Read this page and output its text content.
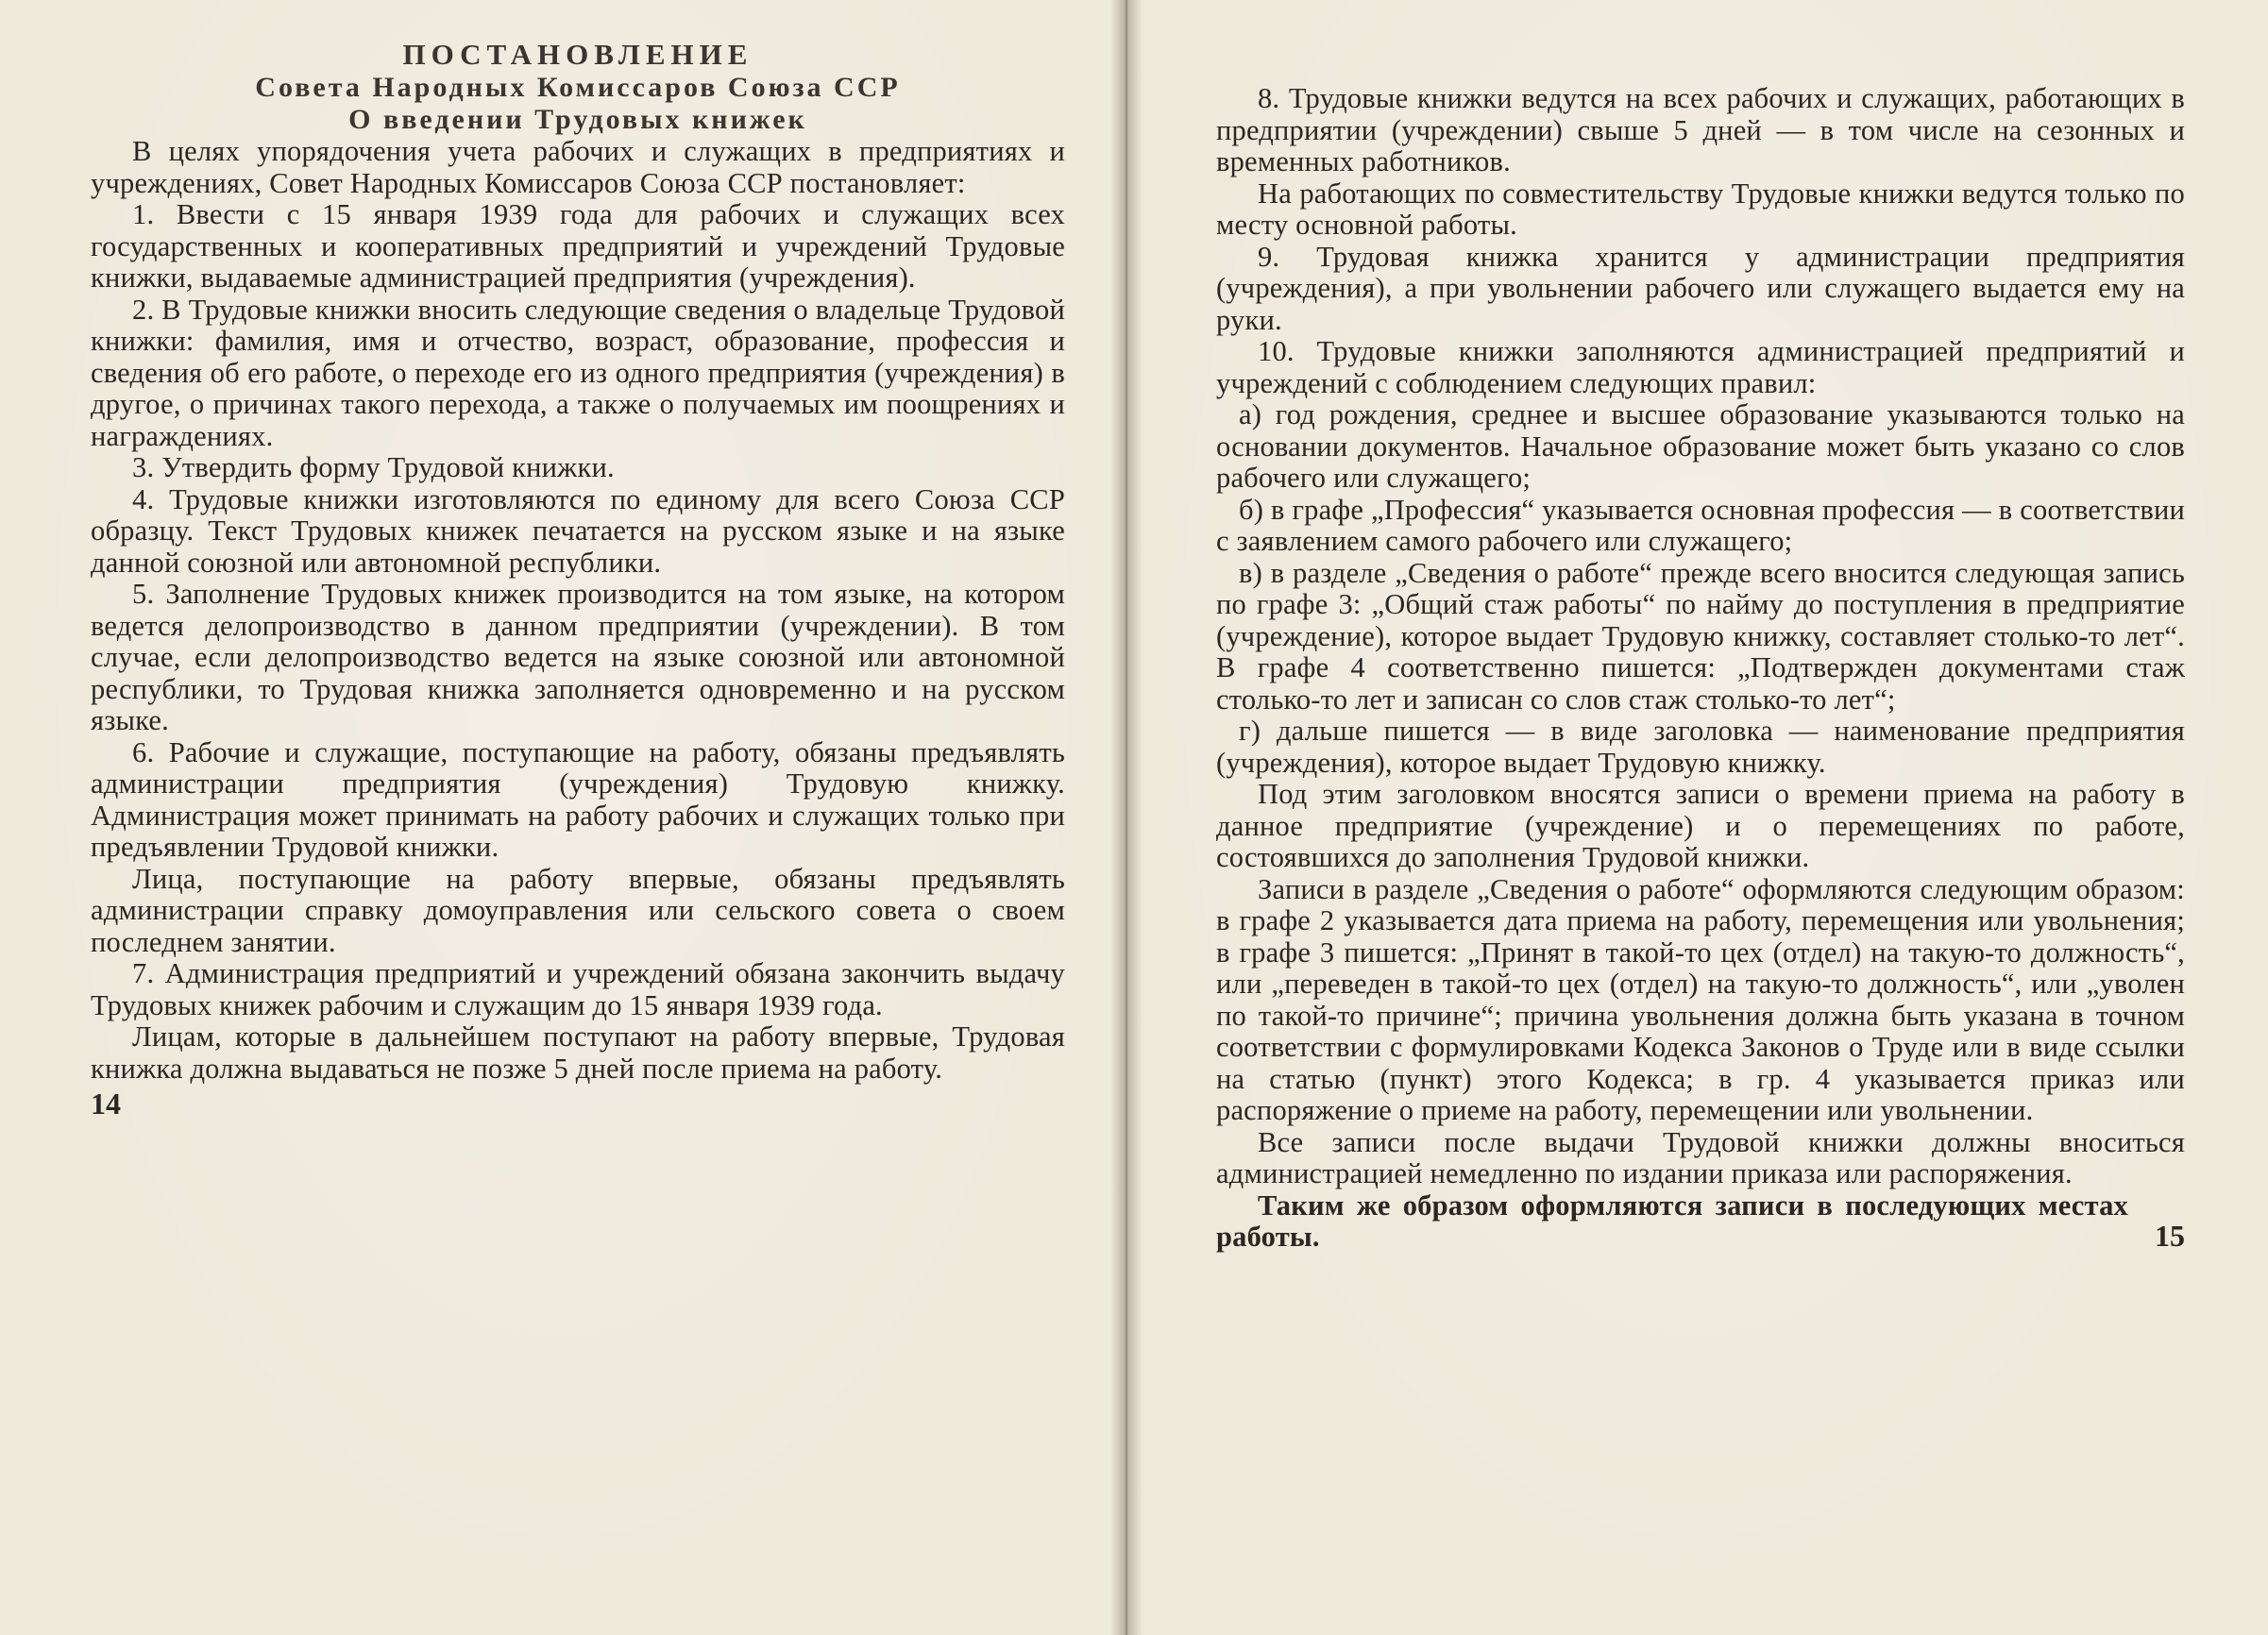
ПОСТАНОВЛЕНИЕ
Совета Народных Комиссаров Союза ССР
О введении Трудовых книжек

В целях упорядочения учета рабочих и служащих в предприятиях и учреждениях, Совет Народных Комиссаров Союза ССР постановляет:

1. Ввести с 15 января 1939 года для рабочих и служащих всех государственных и кооперативных предприятий и учреждений Трудовые книжки, выдаваемые администрацией предприятия (учреждения).

2. В Трудовые книжки вносить следующие сведения о владельце Трудовой книжки: фамилия, имя и отчество, возраст, образование, профессия и сведения об его работе, о переходе его из одного предприятия (учреждения) в другое, о причинах такого перехода, а также о получаемых им поощрениях и награждениях.

3. Утвердить форму Трудовой книжки.

4. Трудовые книжки изготовляются по единому для всего Союза ССР образцу. Текст Трудовых книжек печатается на русском языке и на языке данной союзной или автономной республики.

5. Заполнение Трудовых книжек производится на том языке, на котором ведется делопроизводство в данном предприятии (учреждении). В том случае, если делопроизводство ведется на языке союзной или автономной республики, то Трудовая книжка заполняется одновременно и на русском языке.

6. Рабочие и служащие, поступающие на работу, обязаны предъявлять администрации предприятия (учреждения) Трудовую книжку. Администрация может принимать на работу рабочих и служащих только при предъявлении Трудовой книжки.

Лица, поступающие на работу впервые, обязаны предъявлять администрации справку домоуправления или сельского совета о своем последнем занятии.

7. Администрация предприятий и учреждений обязана закончить выдачу Трудовых книжек рабочим и служащим до 15 января 1939 года.

Лицам, которые в дальнейшем поступают на работу впервые, Трудовая книжка должна выдаваться не позже 5 дней после приема на работу.

14

8. Трудовые книжки ведутся на всех рабочих и служащих, работающих в предприятии (учреждении) свыше 5 дней — в том числе на сезонных и временных работников.

На работающих по совместительству Трудовые книжки ведутся только по месту основной работы.

9. Трудовая книжка хранится у администрации предприятия (учреждения), а при увольнении рабочего или служащего выдается ему на руки.

10. Трудовые книжки заполняются администрацией предприятий и учреждений с соблюдением следующих правил:

а) год рождения, среднее и высшее образование указываются только на основании документов. Начальное образование может быть указано со слов рабочего или служащего;

б) в графе „Профессия“ указывается основная профессия — в соответствии с заявлением самого рабочего или служащего;

в) в разделе „Сведения о работе“ прежде всего вносится следующая запись по графе 3: „Общий стаж работы“ по найму до поступления в предприятие (учреждение), которое выдает Трудовую книжку, составляет столько-то лет“. В графе 4 соответственно пишется: „Подтвержден документами стаж столько-то лет и записан со слов стаж столько-то лет“;

г) дальше пишется — в виде заголовка — наименование предприятия (учреждения), которое выдает Трудовую книжку.

Под этим заголовком вносятся записи о времени приема на работу в данное предприятие (учреждение) и о перемещениях по работе, состоявшихся до заполнения Трудовой книжки.

Записи в разделе „Сведения о работе“ оформляются следующим образом: в графе 2 указывается дата приема на работу, перемещения или увольнения; в графе 3 пишется: „Принят в такой-то цех (отдел) на такую-то должность“, или „переведен в такой-то цех (отдел) на такую-то должность“, или „уволен по такой-то причине“; причина увольнения должна быть указана в точном соответствии с формулировками Кодекса Законов о Труде или в виде ссылки на статью (пункт) этого Кодекса; в гр. 4 указывается приказ или распоряжение о приеме на работу, перемещении или увольнении.

Все записи после выдачи Трудовой книжки должны вноситься администрацией немедленно по издании приказа или распоряжения.

Таким же образом оформляются записи в последующих местах работы.	15
